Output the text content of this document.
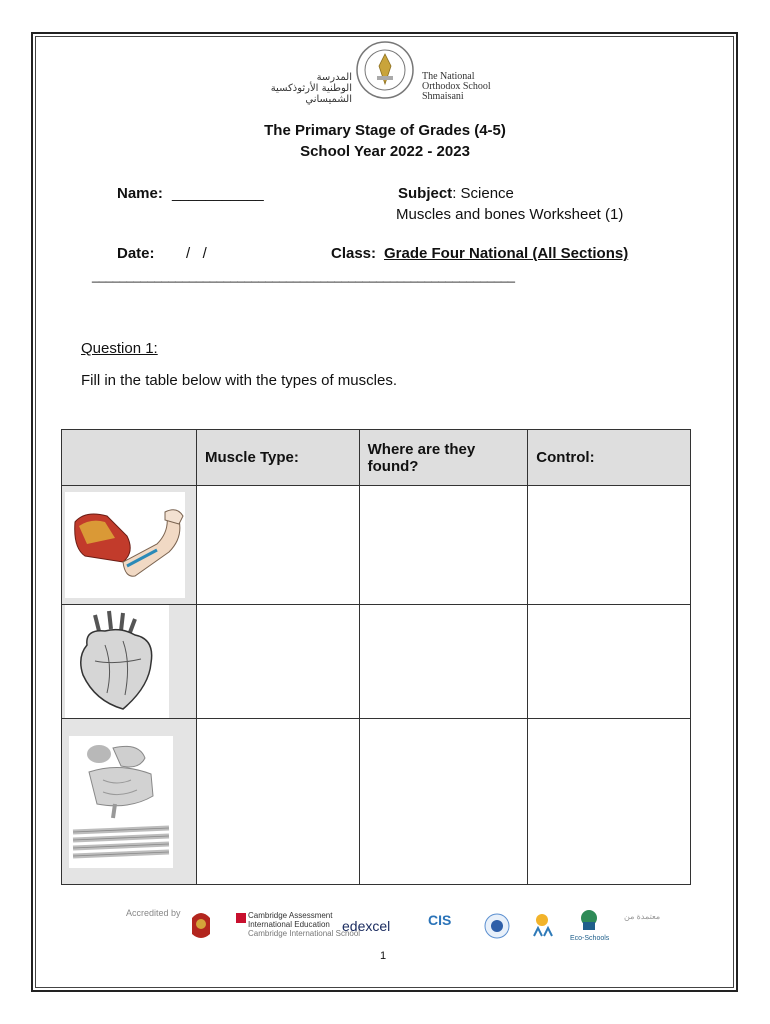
المدرسة
الوطنية الأرثوذكسية
الشميساني
The National
Orthodox School
Shmaisani
The Primary Stage of Grades (4-5)
School Year 2022 - 2023
Name: ___________	Subject: Science
Muscles and bones Worksheet (1)
Date: /   /	Class: Grade Four National (All Sections)
_____________________________________________________________
Question 1:
Fill in the table below with the types of muscles.
	Muscle Type:	Where are they found?	Control:

Accredited by	Cambridge Assessment
International Education
Cambridge International School
edexcel	CIS
Eco-Schools
معتمدة من
1
